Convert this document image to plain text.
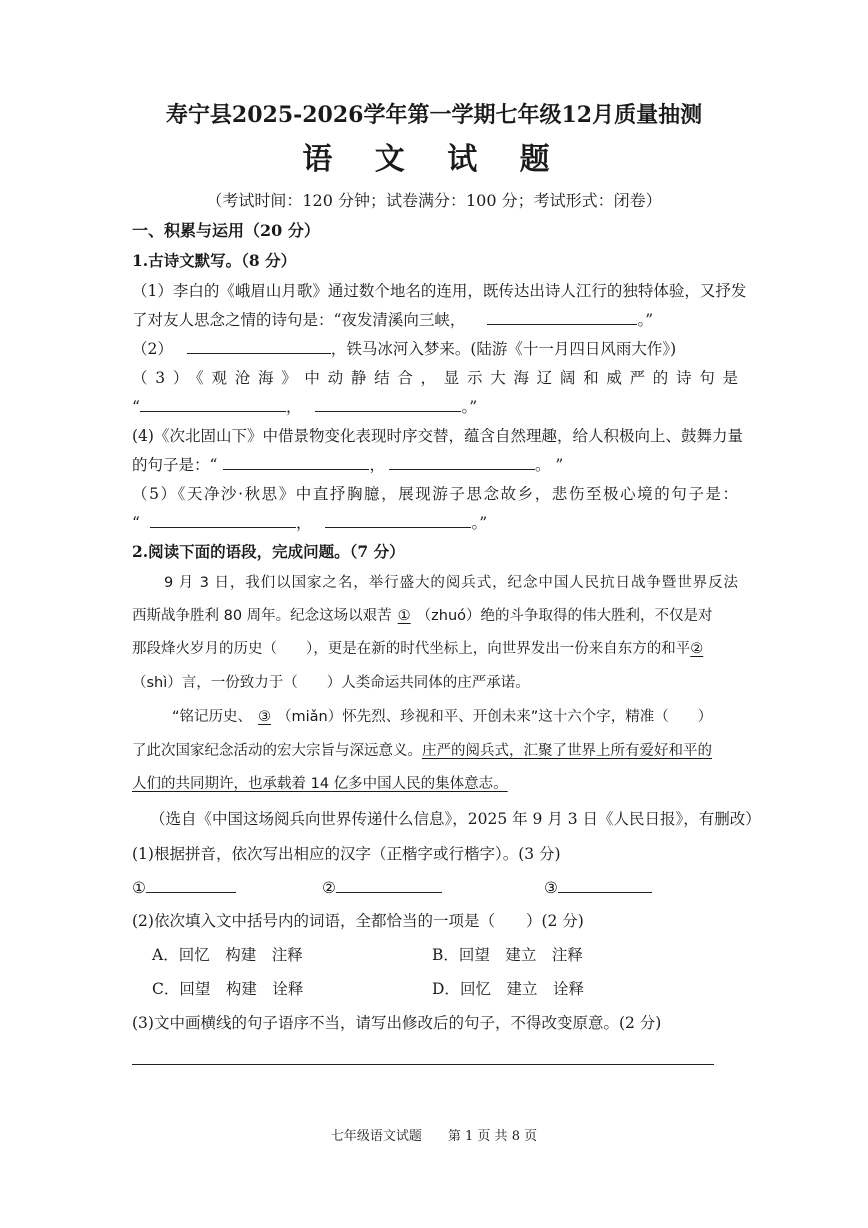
寿宁县2025-2026学年第一学期七年级12月质量抽测
语 文 试 题
（考试时间：120 分钟；试卷满分：100 分；考试形式：闭卷）
一、积累与运用（20 分）
1.古诗文默写。（8 分）
（1）李白的《峨眉山月歌》通过数个地名的连用，既传达出诗人江行的独特体验，又抒发
了对友人思念之情的诗句是：“夜发清溪向三峡，	。”
（2）	，铁马冰河入梦来。(陆游《十一月四日风雨大作》)
（3）《观沧海》中动静结合，显示大海辽阔和威严的诗句是
“	，	。”
(4)《次北固山下》中借景物变化表现时序交替，蕴含自然理趣，给人积极向上、鼓舞力量
的句子是：“	，	。 ”
（5）《天净沙·秋思》中直抒胸臆，展现游子思念故乡，悲伤至极心境的句子是：
“	，	。”
2.阅读下面的语段，完成问题。（7 分）
9 月 3 日，我们以国家之名，举行盛大的阅兵式，纪念中国人民抗日战争暨世界反法
西斯战争胜利 80 周年。纪念这场以艰苦 ① （zhuó）绝的斗争取得的伟大胜利，不仅是对
那段烽火岁月的历史（　　），更是在新的时代坐标上，向世界发出一份来自东方的和平②
（shì）言，一份致力于（　　）人类命运共同体的庄严承诺。
“铭记历史、 ③ （miǎn）怀先烈、珍视和平、开创未来”这十六个字，精准（　　）
了此次国家纪念活动的宏大宗旨与深远意义。庄严的阅兵式，汇聚了世界上所有爱好和平的
人们的共同期许，也承载着 14 亿多中国人民的集体意志。
（选自《中国这场阅兵向世界传递什么信息》，2025 年 9 月 3 日《人民日报》，有删改）
(1)根据拼音，依次写出相应的汉字（正楷字或行楷字）。(3 分)
①	②	③
(2)依次填入文中括号内的词语，全都恰当的一项是（　　）(2 分)
A．回忆　构建　注释	B．回望　建立　注释
C．回望　构建　诠释	D．回忆　建立　诠释
(3)文中画横线的句子语序不当，请写出修改后的句子，不得改变原意。(2 分)
七年级语文试题　　第 1 页 共 8 页
